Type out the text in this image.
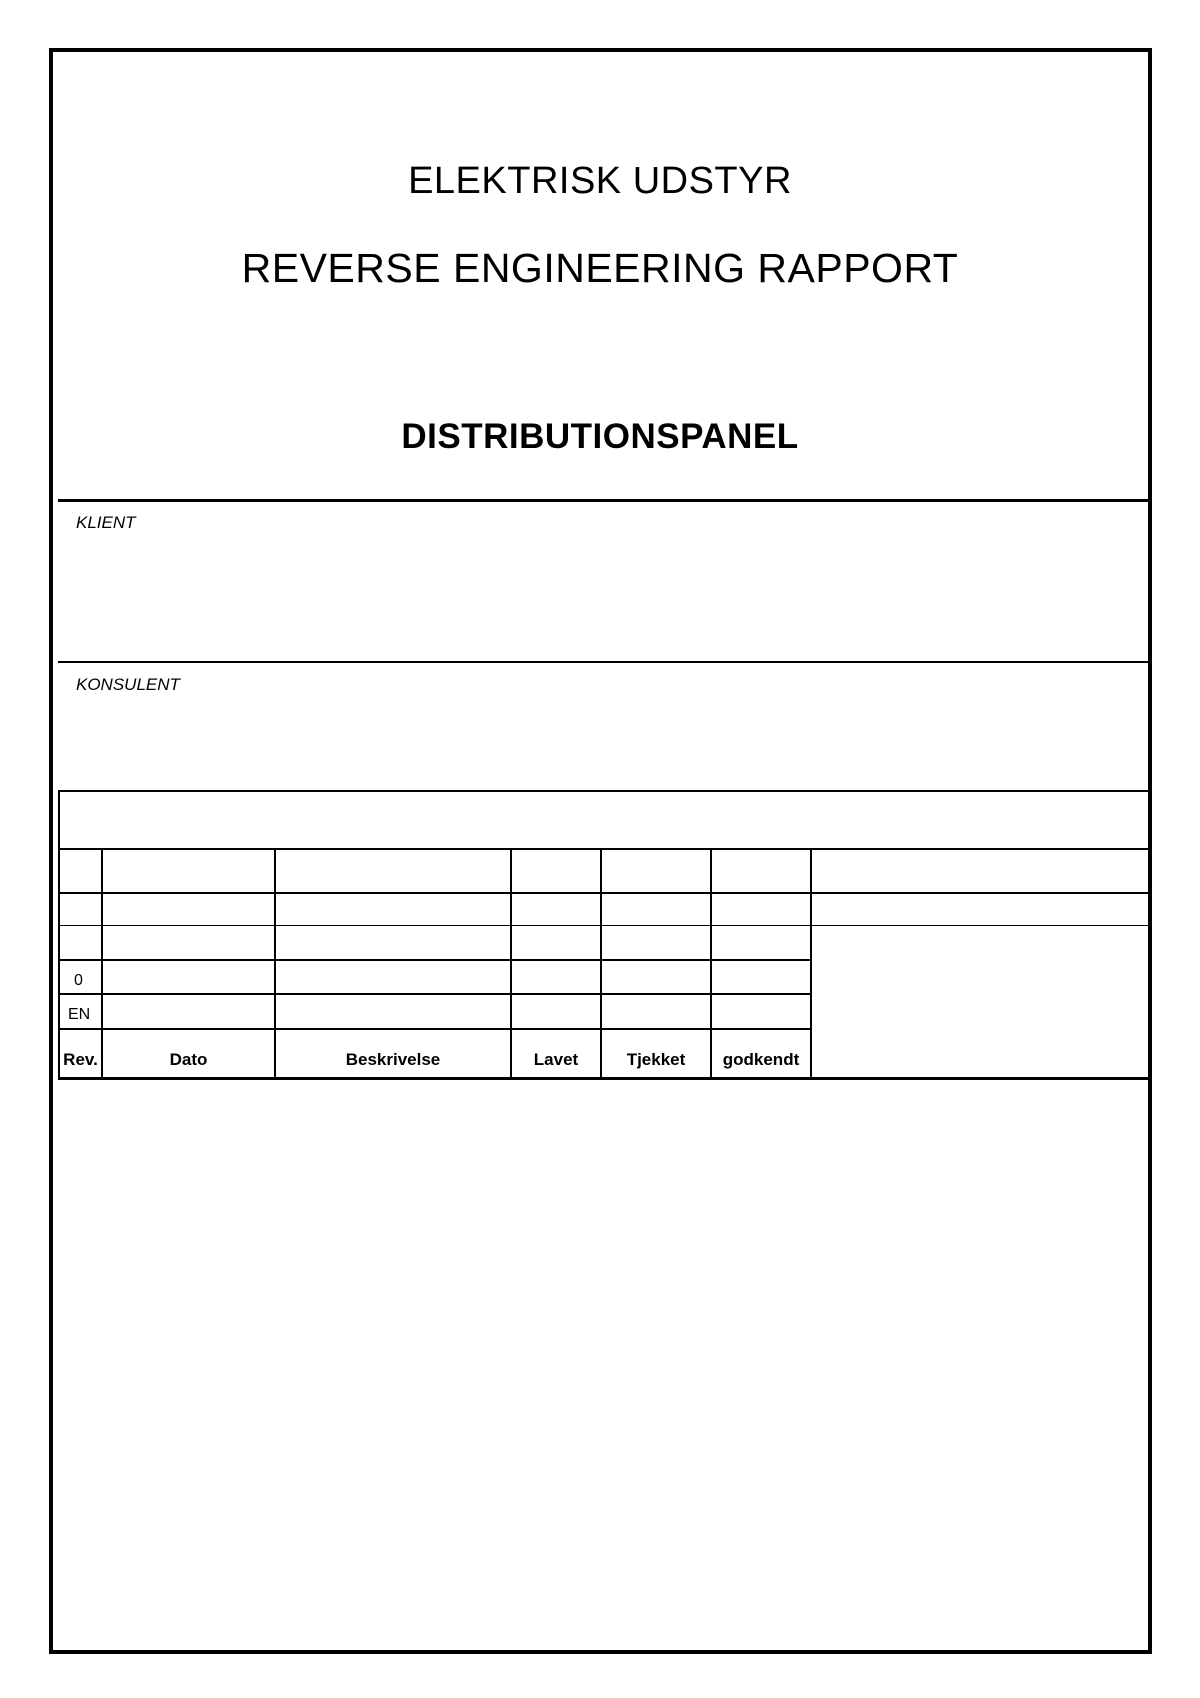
ELEKTRISK UDSTYR
REVERSE ENGINEERING RAPPORT
DISTRIBUTIONSPANEL
KLIENT
KONSULENT
0
EN
Rev.	Dato	Beskrivelse	Lavet	Tjekket	godkendt
